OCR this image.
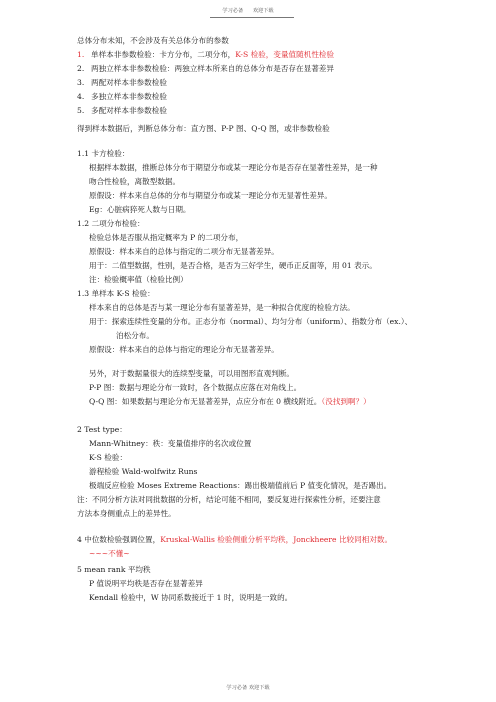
学习必备 欢迎下载
总体分布未知，不会涉及有关总体分布的参数
1. 单样本非参数检验：卡方分布，二项分布，K-S 检验，变量值随机性检验
2. 两独立样本非参数检验：两独立样本所来自的总体分布是否存在显著差异
3. 两配对样本非参数检验
4. 多独立样本非参数检验
5. 多配对样本非参数检验
得到样本数据后，判断总体分布：直方图、P-P 图、Q-Q 图，或非参数检验
1.1 卡方检验：
根据样本数据，推断总体分布于期望分布或某一理论分布是否存在显著性差异，是一种
吻合性检验，离散型数据。
原假设：样本来自总体的分布与期望分布或某一理论分布无显著性差异。
Eg：心脏病猝死人数与日期。
1.2 二项分布检验：
检验总体是否服从指定概率为 P 的二项分布，
原假设：样本来自的总体与指定的二项分布无显著差异。
用于：二值型数据，性别，是否合格，是否为三好学生，硬币正反面等，用 01 表示。
注：检验概率值（检验比例）
1.3 单样本 K-S 检验：
样本来自的总体是否与某一理论分布有显著差异，是一种拟合优度的检验方法。
用于：探索连续性变量的分布。正态分布（normal）、均匀分布（uniform）、指数分布（ex.）、
泊松分布。
原假设：样本来自的总体与指定的理论分布无显著差异。
另外，对于数据量很大的连续型变量，可以用图形直观判断。
P-P 图：数据与理论分布一致时，各个数据点应落在对角线上。
Q-Q 图：如果数据与理论分布无显著差异，点应分布在 0 横线附近。（没找到啊？）
2 Test type：
Mann-Whitney：秩：变量值排序的名次或位置
K-S 检验：
游程检验 Wald-wolfwitz Runs
极端反应检验 Moses Extreme Reactions：踢出极端值前后 P 值变化情况，是否踢出。
注：不同分析方法对同批数据的分析，结论可能不相同，要反复进行探索性分析，还要注意
方法本身侧重点上的差异性。
4 中位数检验强调位置，Kruskal-Wallis 检验侧重分析平均秩，Jonckheere 比较同相对数。
~~~不懂~
5 mean rank 平均秩
P 值说明平均秩是否存在显著差异
Kendall 检验中，W 协同系数接近于 1 时，说明是一致的。
学习必备 欢迎下载
